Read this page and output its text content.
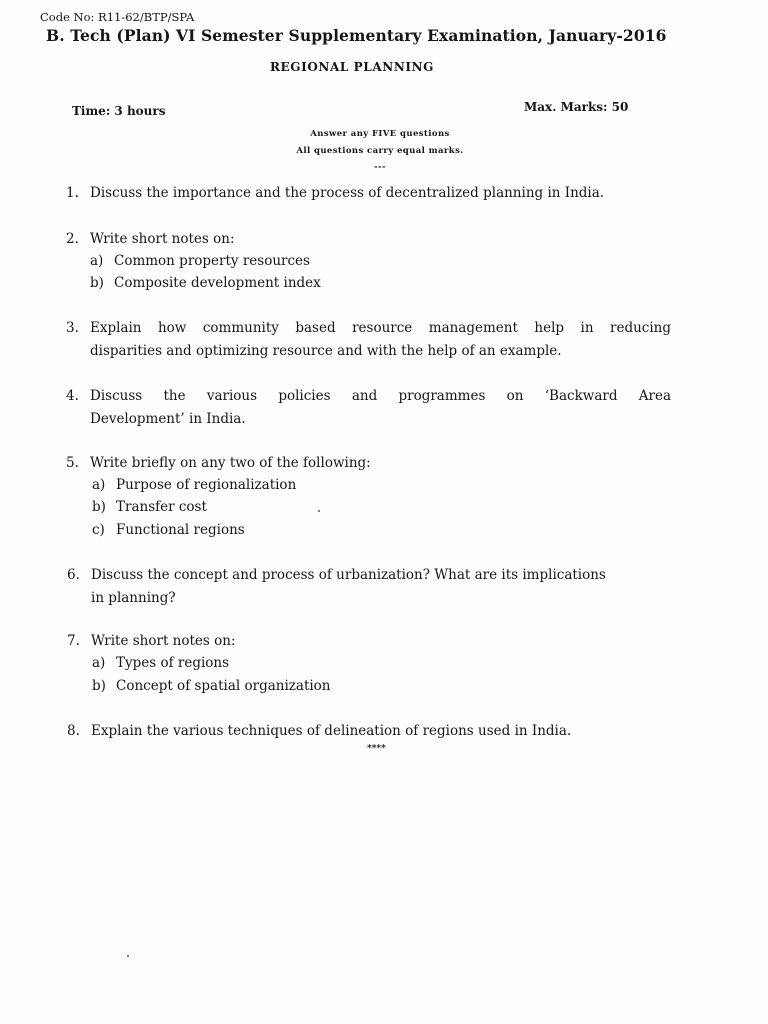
Code No: R11-62/BTP/SPA
B. Tech (Plan) VI Semester Supplementary Examination, January-2016
REGIONAL PLANNING
Time: 3 hours	Max. Marks: 50
Answer any FIVE questions
All questions carry equal marks.
---
1. Discuss the importance and the process of decentralized planning in India.
2. Write short notes on:
a) Common property resources
b) Composite development index
3. Explain how community based resource management help in reducing
disparities and optimizing resource and with the help of an example.
4. Discuss the various policies and programmes on ‘Backward Area
Development’ in India.
5. Write briefly on any two of the following:
a) Purpose of regionalization
b) Transfer cost
c) Functional regions
6. Discuss the concept and process of urbanization? What are its implications
in planning?
7. Write short notes on:
a) Types of regions
b) Concept of spatial organization
8. Explain the various techniques of delineation of regions used in India.
****
